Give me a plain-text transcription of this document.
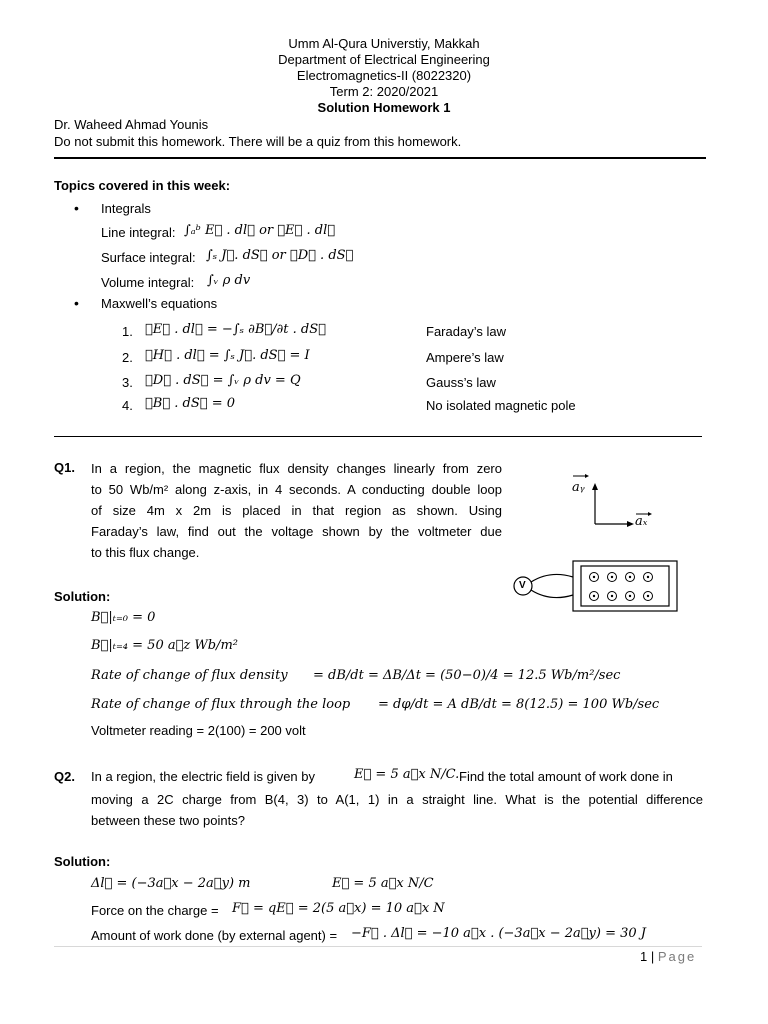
Umm Al-Qura Universtiy, Makkah
Department of Electrical Engineering
Electromagnetics-II (8022320)
Term 2: 2020/2021
Solution Homework 1
Dr. Waheed Ahmad Younis
Do not submit this homework. There will be a quiz from this homework.
Topics covered in this week:
• Integrals
Line integral: ∫ₐᵇ E⃗ . dl⃗ or ∮E⃗ . dl⃗
Surface integral: ∫ₛ J⃗. dS⃗ or ∮D⃗ . dS⃗
Volume integral: ∫ᵥ ρ dv
• Maxwell’s equations
1. ∮E⃗ . dl⃗ = −∫ₛ ∂B⃗/∂t . dS⃗	Faraday’s law
2. ∮H⃗ . dl⃗ = ∫ₛ J⃗. dS⃗ = I	Ampere’s law
3. ∮D⃗ . dS⃗ = ∫ᵥ ρ dv = Q	Gauss’s law
4. ∮B⃗ . dS⃗ = 0	No isolated magnetic pole
Q1. In a region, the magnetic flux density changes linearly from zero
to 50 Wb/m² along z-axis, in 4 seconds. A conducting double loop
of size 4m x 2m is placed in that region as shown. Using
Faraday’s law, find out the voltage shown by the voltmeter due
to this flux change.
aᵧ
aₓ
V
Solution:
B⃗|ₜ₌₀ = 0
B⃗|ₜ₌₄ = 50 a⃗z Wb/m²
Rate of change of flux density = dB/dt = ΔB/Δt = (50−0)/4 = 12.5 Wb/m²/sec
Rate of change of flux through the loop = dφ/dt = A dB/dt = 8(12.5) = 100 Wb/sec
Voltmeter reading = 2(100) = 200 volt
Q2. In a region, the electric field is given by	E⃗ = 5 a⃗x N/C. Find the total amount of work done in
moving a 2C charge from B(4, 3) to A(1, 1) in a straight line. What is the potential difference
between these two points?
Solution:
Δl⃗ = (−3a⃗x − 2a⃗y) m	E⃗ = 5 a⃗x N/C
Force on the charge = F⃗ = qE⃗ = 2(5 a⃗x) = 10 a⃗x N
Amount of work done (by external agent) = −F⃗ . Δl⃗ = −10 a⃗x . (−3a⃗x − 2a⃗y) = 30 J
1 | Page
